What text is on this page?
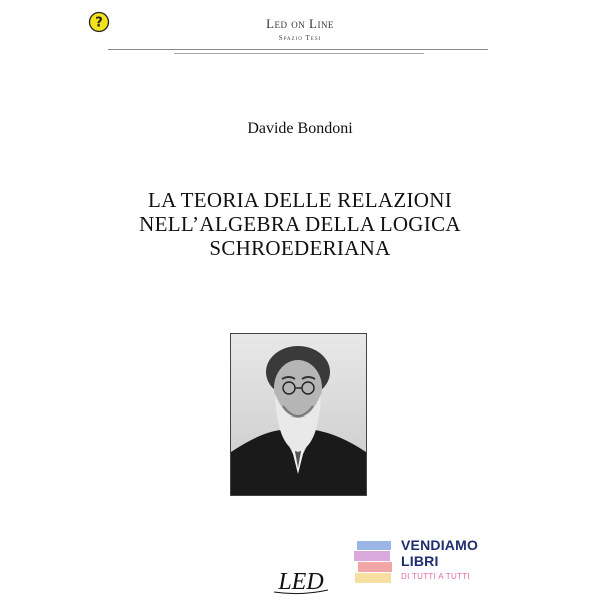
?	Led on Line
Spazio Tesi
Davide Bondoni
LA TEORIA DELLE RELAZIONI
NELL’ALGEBRA DELLA LOGICA
SCHROEDERIANA
LED
VENDIAMO
LIBRI
DI TUTTI A TUTTI
